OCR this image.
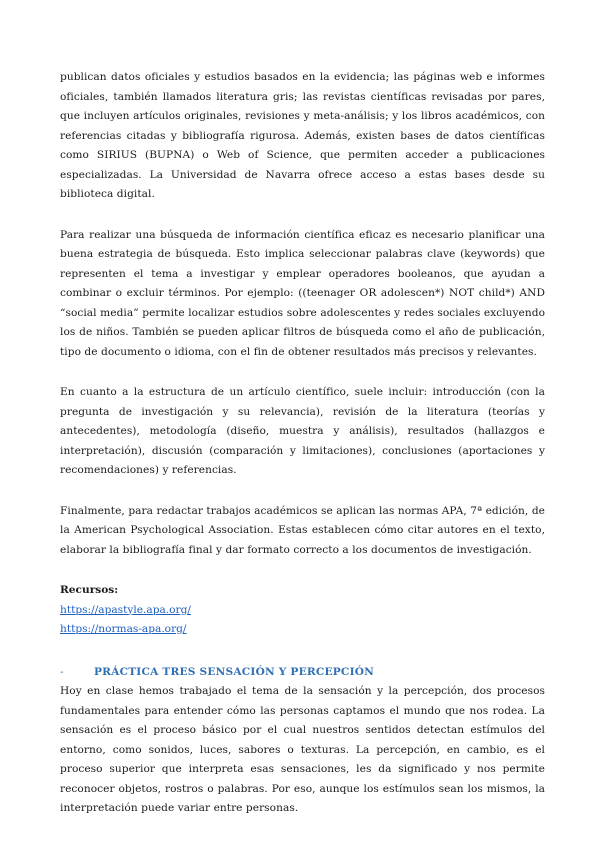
publican datos oficiales y estudios basados en la evidencia; las páginas web e informes oficiales, también llamados literatura gris; las revistas científicas revisadas por pares, que incluyen artículos originales, revisiones y meta-análisis; y los libros académicos, con referencias citadas y bibliografía rigurosa. Además, existen bases de datos científicas como SIRIUS (BUPNA) o Web of Science, que permiten acceder a publicaciones especializadas. La Universidad de Navarra ofrece acceso a estas bases desde su biblioteca digital.

Para realizar una búsqueda de información científica eficaz es necesario planificar una buena estrategia de búsqueda. Esto implica seleccionar palabras clave (keywords) que representen el tema a investigar y emplear operadores booleanos, que ayudan a combinar o excluir términos. Por ejemplo: ((teenager OR adolescen*) NOT child*) AND “social media” permite localizar estudios sobre adolescentes y redes sociales excluyendo los de niños. También se pueden aplicar filtros de búsqueda como el año de publicación, tipo de documento o idioma, con el fin de obtener resultados más precisos y relevantes.

En cuanto a la estructura de un artículo científico, suele incluir: introducción (con la pregunta de investigación y su relevancia), revisión de la literatura (teorías y antecedentes), metodología (diseño, muestra y análisis), resultados (hallazgos e interpretación), discusión (comparación y limitaciones), conclusiones (aportaciones y recomendaciones) y referencias.

Finalmente, para redactar trabajos académicos se aplican las normas APA, 7ª edición, de la American Psychological Association. Estas establecen cómo citar autores en el texto, elaborar la bibliografía final y dar formato correcto a los documentos de investigación.

Recursos:
https://apastyle.apa.org/
https://normas-apa.org/
-	PRÁCTICA TRES SENSACIÓN Y PERCEPCIÓN

Hoy en clase hemos trabajado el tema de la sensación y la percepción, dos procesos fundamentales para entender cómo las personas captamos el mundo que nos rodea. La sensación es el proceso básico por el cual nuestros sentidos detectan estímulos del entorno, como sonidos, luces, sabores o texturas. La percepción, en cambio, es el proceso superior que interpreta esas sensaciones, les da significado y nos permite reconocer objetos, rostros o palabras. Por eso, aunque los estímulos sean los mismos, la interpretación puede variar entre personas.
